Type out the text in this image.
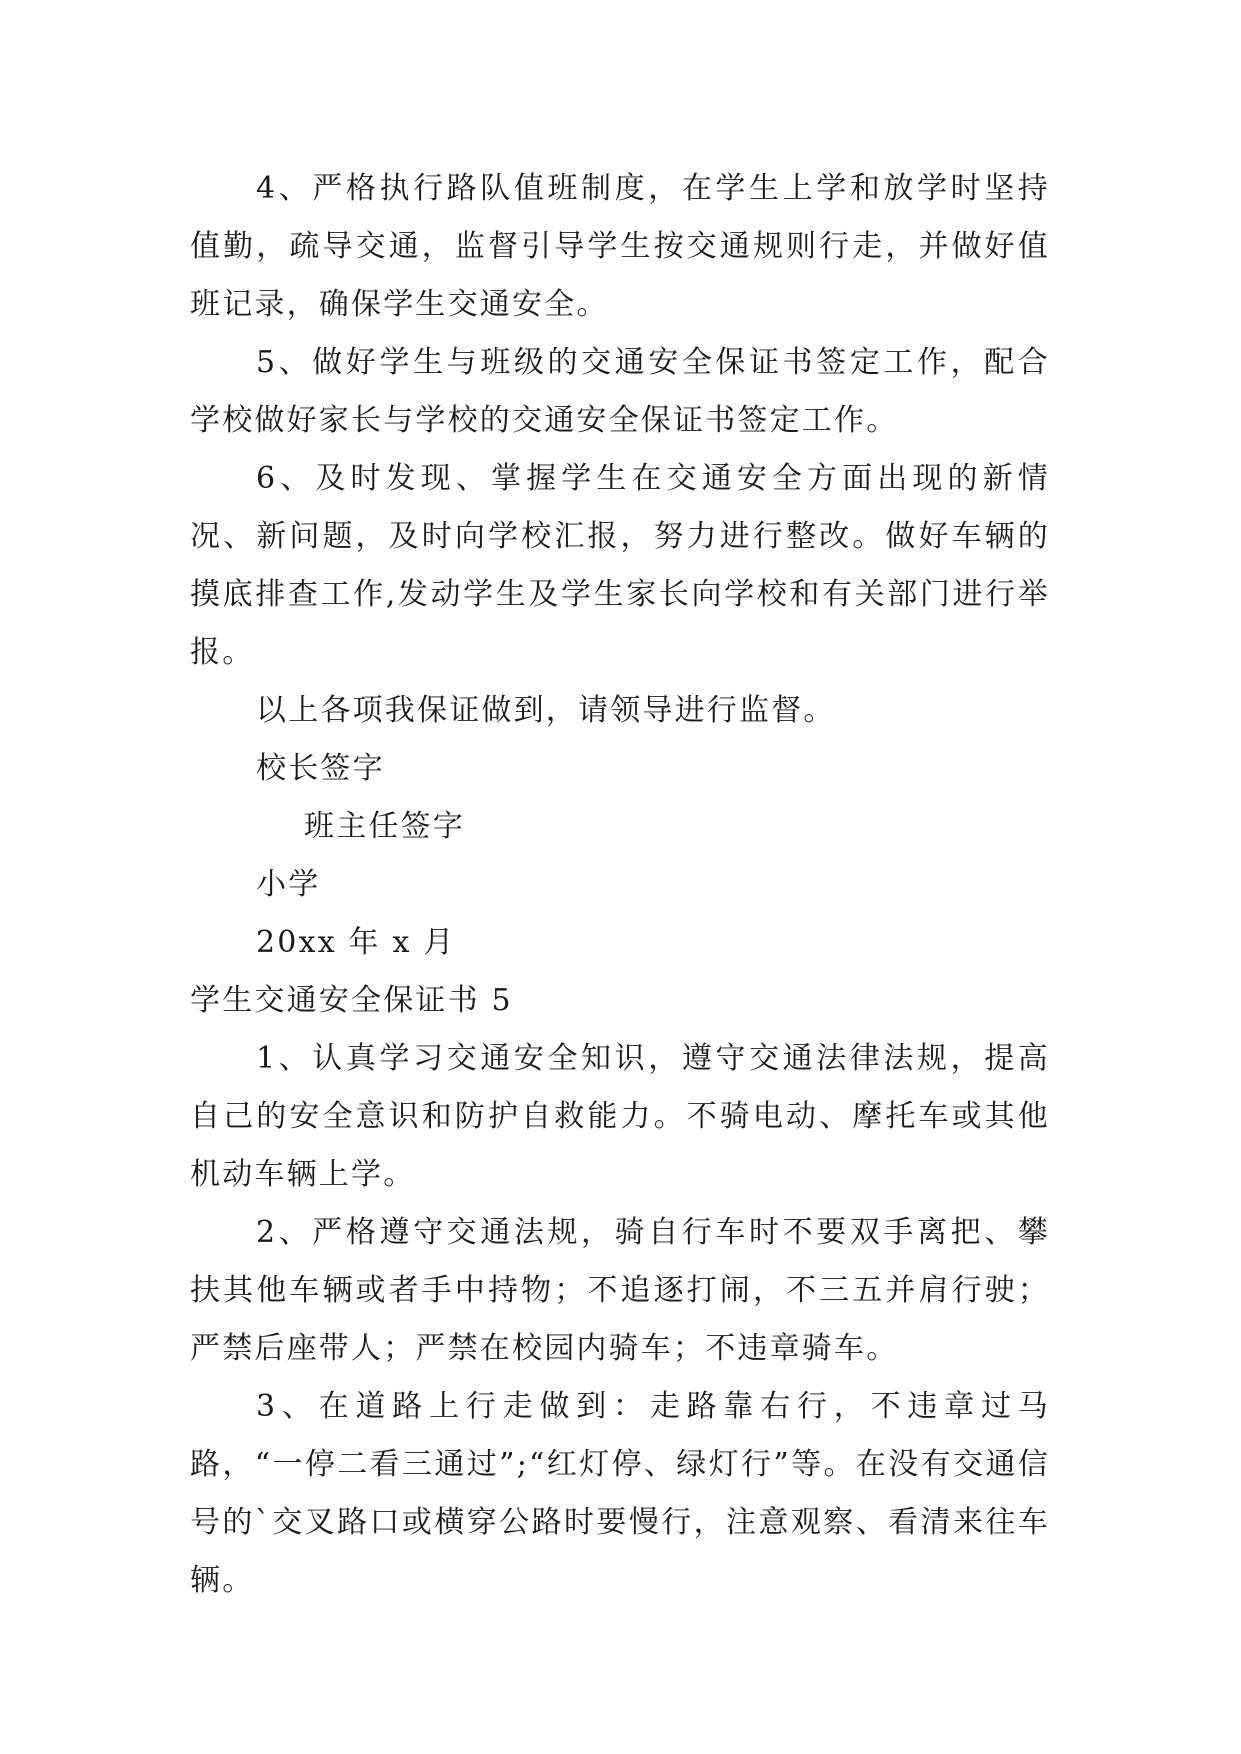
4、严格执行路队值班制度，在学生上学和放学时坚持值勤，疏导交通，监督引导学生按交通规则行走，并做好值班记录，确保学生交通安全。

5、做好学生与班级的交通安全保证书签定工作，配合学校做好家长与学校的交通安全保证书签定工作。

6、及时发现、掌握学生在交通安全方面出现的新情况、新问题，及时向学校汇报，努力进行整改。做好车辆的摸底排查工作,发动学生及学生家长向学校和有关部门进行举报。

以上各项我保证做到，请领导进行监督。

校长签字

班主任签字

小学

20xx 年 x 月

学生交通安全保证书 5

1、认真学习交通安全知识，遵守交通法律法规，提高自己的安全意识和防护自救能力。不骑电动、摩托车或其他机动车辆上学。

2、严格遵守交通法规，骑自行车时不要双手离把、攀扶其他车辆或者手中持物；不追逐打闹，不三五并肩行驶；严禁后座带人；严禁在校园内骑车；不违章骑车。

3、在道路上行走做到：走路靠右行，不违章过马路，“一停二看三通过”;“红灯停、绿灯行”等。在没有交通信号的`交叉路口或横穿公路时要慢行，注意观察、看清来往车辆。
